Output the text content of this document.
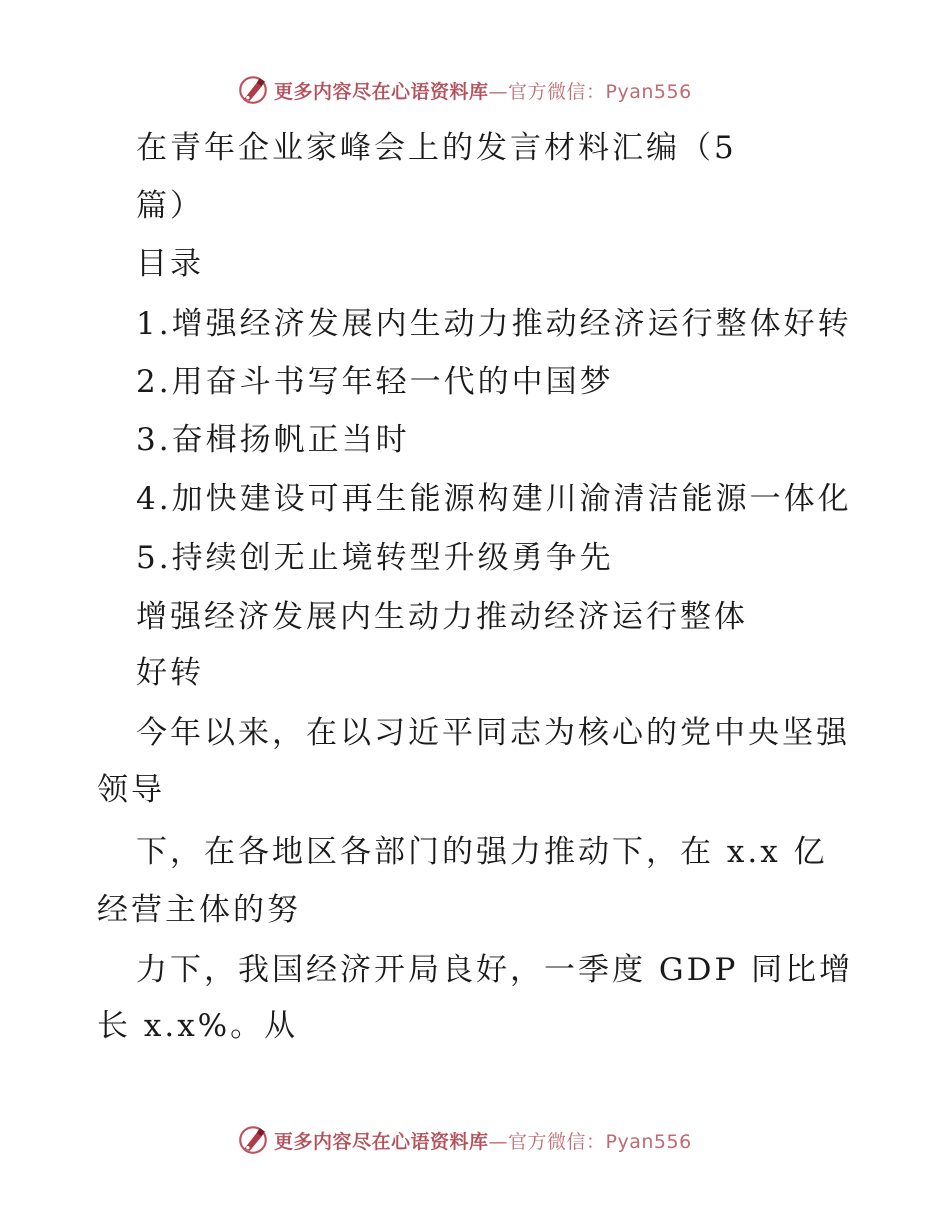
更多内容尽在心语资料库 —官方微信：Pyan556
在青年企业家峰会上的发言材料汇编（5
篇）
目录
1.增强经济发展内生动力推动经济运行整体好转
2.用奋斗书写年轻一代的中国梦
3.奋楫扬帆正当时
4.加快建设可再生能源构建川渝清洁能源一体化
5.持续创无止境转型升级勇争先
增强经济发展内生动力推动经济运行整体
好转
今年以来，在以习近平同志为核心的党中央坚强
领导
下，在各地区各部门的强力推动下，在 x.x 亿
经营主体的努
力下，我国经济开局良好，一季度 GDP 同比增
长 x.x%。从
更多内容尽在心语资料库 —官方微信：Pyan556
